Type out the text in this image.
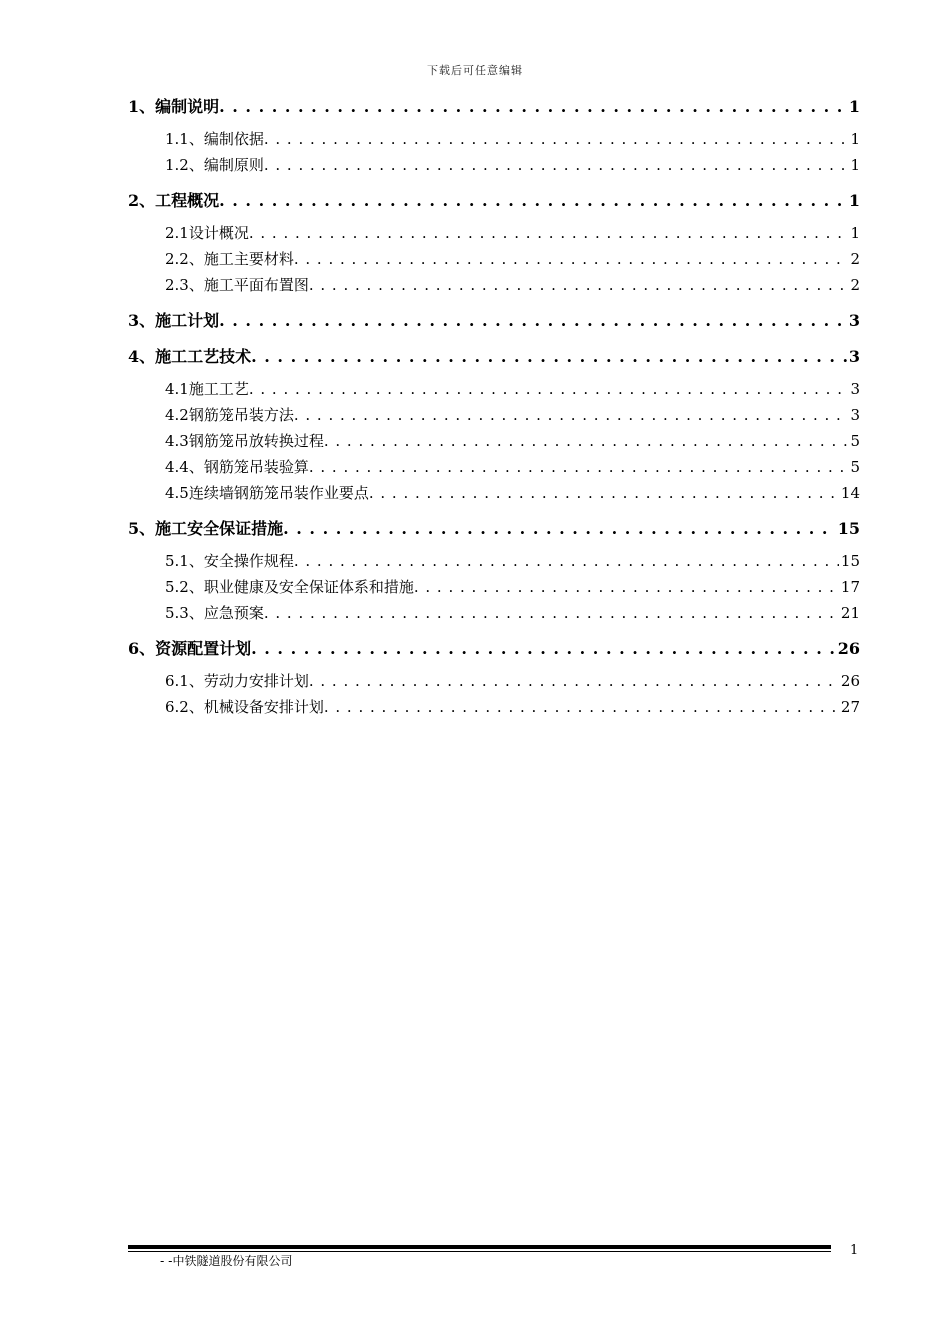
下载后可任意编辑
1、编制说明 . . .	1
1.1、编制依据 . . .	1
1.2、编制原则 . . .	1
2、工程概况 . . .	1
2.1设计概况 . . .	1
2.2、施工主要材料 . . .	2
2.3、施工平面布置图 . . .	2
3、施工计划 . . .	3
4、施工工艺技术 . . .	3
4.1施工工艺 . . .	3
4.2钢筋笼吊装方法 . . .	3
4.3钢筋笼吊放转换过程 . . .	5
4.4、钢筋笼吊装验算 . . .	5
4.5连续墙钢筋笼吊装作业要点 . . .	14
5、施工安全保证措施 . . .	15
5.1、安全操作规程 . . .	15
5.2、职业健康及安全保证体系和措施 . . .	17
5.3、应急预案 . . .	21
6、资源配置计划 . . .	26
6.1、劳动力安排计划 . . .	26
6.2、机械设备安排计划 . . .	27
- -中铁隧道股份有限公司
1
